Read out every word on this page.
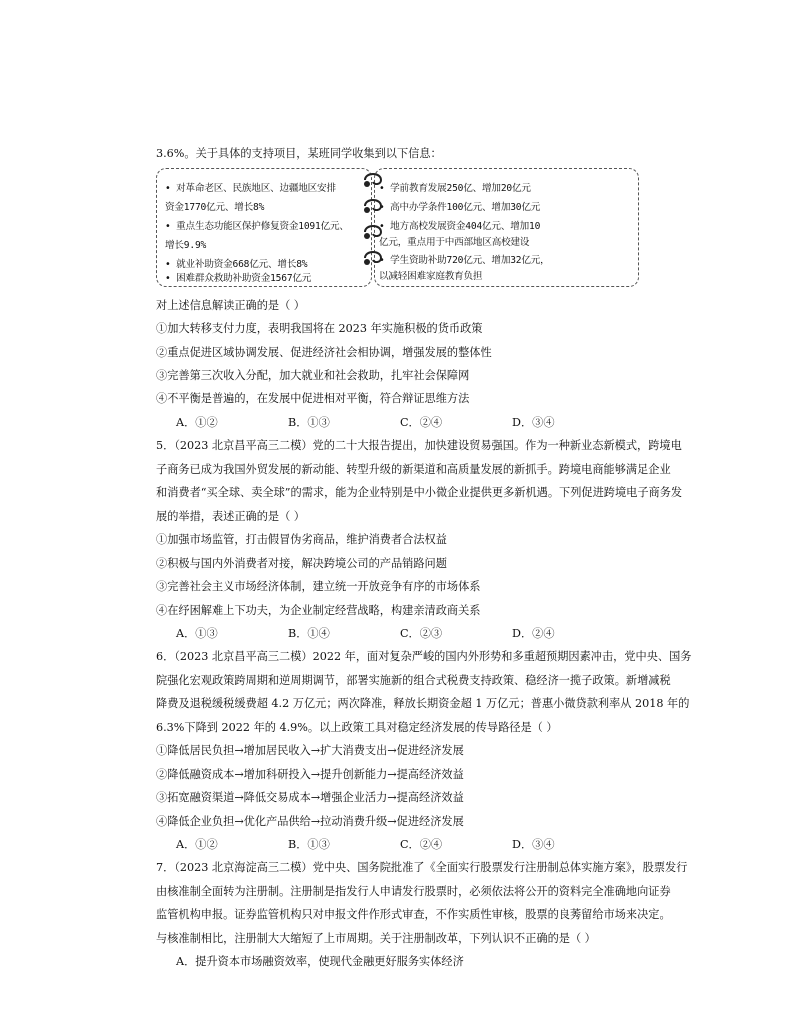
3.6%。关于具体的支持项目，某班同学收集到以下信息：
• 对革命老区、民族地区、边疆地区安排
资金1770亿元、增长8%
• 重点生态功能区保护修复资金1091亿元、
增长9.9%
• 就业补助资金668亿元、增长8%
• 困难群众救助补助资金1567亿元
• 学前教育发展250亿、增加20亿元
• 高中办学条件100亿元、增加30亿元
• 地方高校发展资金404亿元、增加10
亿元，重点用于中西部地区高校建设
• 学生资助补助720亿元、增加32亿元，
以减轻困难家庭教育负担
对上述信息解读正确的是（ ）
①加大转移支付力度，表明我国将在 2023 年实施积极的货币政策
②重点促进区域协调发展、促进经济社会相协调，增强发展的整体性
③完善第三次收入分配，加大就业和社会救助，扎牢社会保障网
④不平衡是普遍的，在发展中促进相对平衡，符合辩证思维方法
A．①②	B．①③	C．②④	D．③④
5．（2023 北京昌平高三二模）党的二十大报告提出，加快建设贸易强国。作为一种新业态新模式，跨境电
子商务已成为我国外贸发展的新动能、转型升级的新渠道和高质量发展的新抓手。跨境电商能够满足企业
和消费者“买全球、卖全球”的需求，能为企业特别是中小微企业提供更多新机遇。下列促进跨境电子商务发
展的举措，表述正确的是（ ）
①加强市场监管，打击假冒伪劣商品，维护消费者合法权益
②积极与国内外消费者对接，解决跨境公司的产品销路问题
③完善社会主义市场经济体制，建立统一开放竞争有序的市场体系
④在纾困解难上下功夫，为企业制定经营战略，构建亲清政商关系
A．①③	B．①④	C．②③	D．②④
6．（2023 北京昌平高三二模）2022 年，面对复杂严峻的国内外形势和多重超预期因素冲击，党中央、国务
院强化宏观政策跨周期和逆周期调节，部署实施新的组合式税费支持政策、稳经济一揽子政策。新增减税
降费及退税缓税缓费超 4.2 万亿元；两次降准，释放长期资金超 1 万亿元；普惠小微贷款利率从 2018 年的
6.3%下降到 2022 年的 4.9%。以上政策工具对稳定经济发展的传导路径是（ ）
①降低居民负担→增加居民收入→扩大消费支出→促进经济发展
②降低融资成本→增加科研投入→提升创新能力→提高经济效益
③拓宽融资渠道→降低交易成本→增强企业活力→提高经济效益
④降低企业负担→优化产品供给→拉动消费升级→促进经济发展
A．①②	B．①③	C．②④	D．③④
7．（2023 北京海淀高三二模）党中央、国务院批准了《全面实行股票发行注册制总体实施方案》，股票发行
由核准制全面转为注册制。注册制是指发行人申请发行股票时，必须依法将公开的资料完全准确地向证券
监管机构申报。证券监管机构只对申报文件作形式审查，不作实质性审核，股票的良莠留给市场来决定。
与核准制相比，注册制大大缩短了上市周期。关于注册制改革，下列认识不正确的是（ ）
A．提升资本市场融资效率，使现代金融更好服务实体经济
